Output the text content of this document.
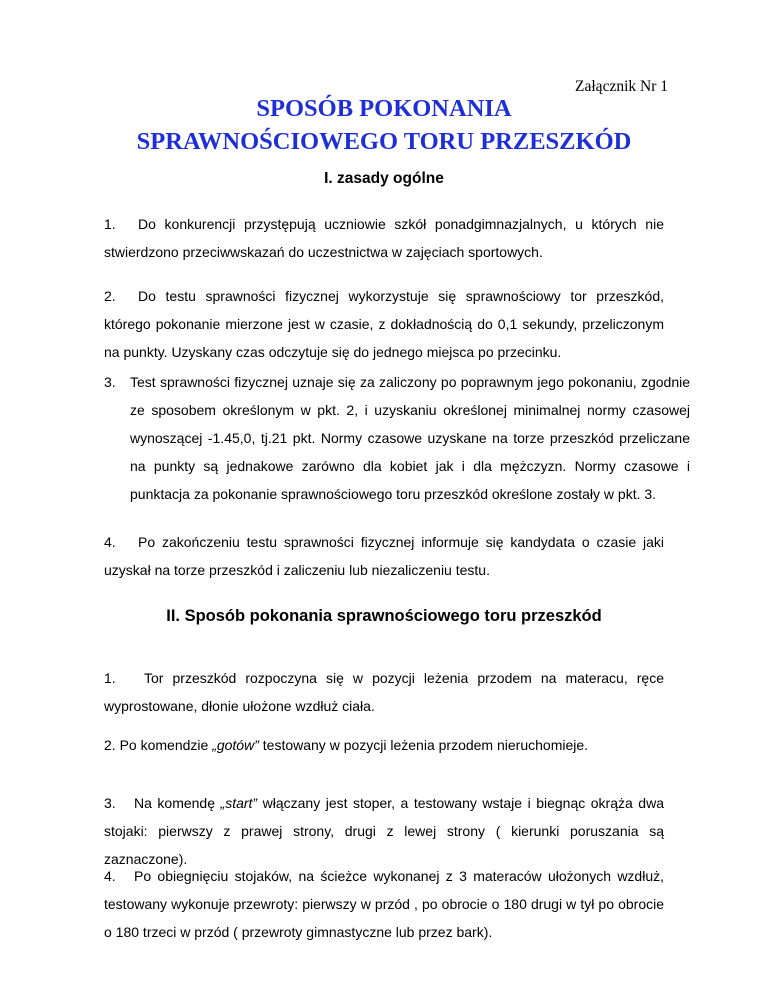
Załącznik Nr 1
SPOSÓB POKONANIA
SPRAWNOŚCIOWEGO TORU PRZESZKÓD
I. zasady ogólne
1. Do konkurencji przystępują uczniowie szkół ponadgimnazjalnych, u których nie stwierdzono przeciwwskazań do uczestnictwa w zajęciach sportowych.
2. Do testu sprawności fizycznej wykorzystuje się sprawnościowy tor przeszkód, którego pokonanie mierzone jest w czasie, z dokładnością do 0,1 sekundy, przeliczonym na punkty. Uzyskany czas odczytuje się do jednego miejsca po przecinku.
3. Test sprawności fizycznej uznaje się za zaliczony po poprawnym jego pokonaniu, zgodnie ze sposobem określonym w pkt. 2, i uzyskaniu określonej minimalnej normy czasowej wynoszącej -1.45,0, tj.21 pkt. Normy czasowe uzyskane na torze przeszkód przeliczane na punkty są jednakowe zarówno dla kobiet jak i dla mężczyzn. Normy czasowe i punktacja za pokonanie sprawnościowego toru przeszkód określone zostały w pkt. 3.
4. Po zakończeniu testu sprawności fizycznej informuje się kandydata o czasie jaki uzyskał na torze przeszkód i zaliczeniu lub niezaliczeniu testu.
II. Sposób pokonania sprawnościowego toru przeszkód
1. Tor przeszkód rozpoczyna się w pozycji leżenia przodem na materacu, ręce wyprostowane, dłonie ułożone wzdłuż ciała.
2. Po komendzie „gotów” testowany w pozycji leżenia przodem nieruchomieje.
3. Na komendę „start” włączany jest stoper, a testowany wstaje i biegnąc okrąża dwa stojaki: pierwszy z prawej strony, drugi z lewej strony ( kierunki poruszania są zaznaczone).
4. Po obiegnięciu stojaków, na ścieżce wykonanej z 3 materaców ułożonych wzdłuż, testowany wykonuje przewroty: pierwszy w przód , po obrocie o 180 drugi w tył po obrocie o 180 trzeci w przód ( przewroty gimnastyczne lub przez bark).
